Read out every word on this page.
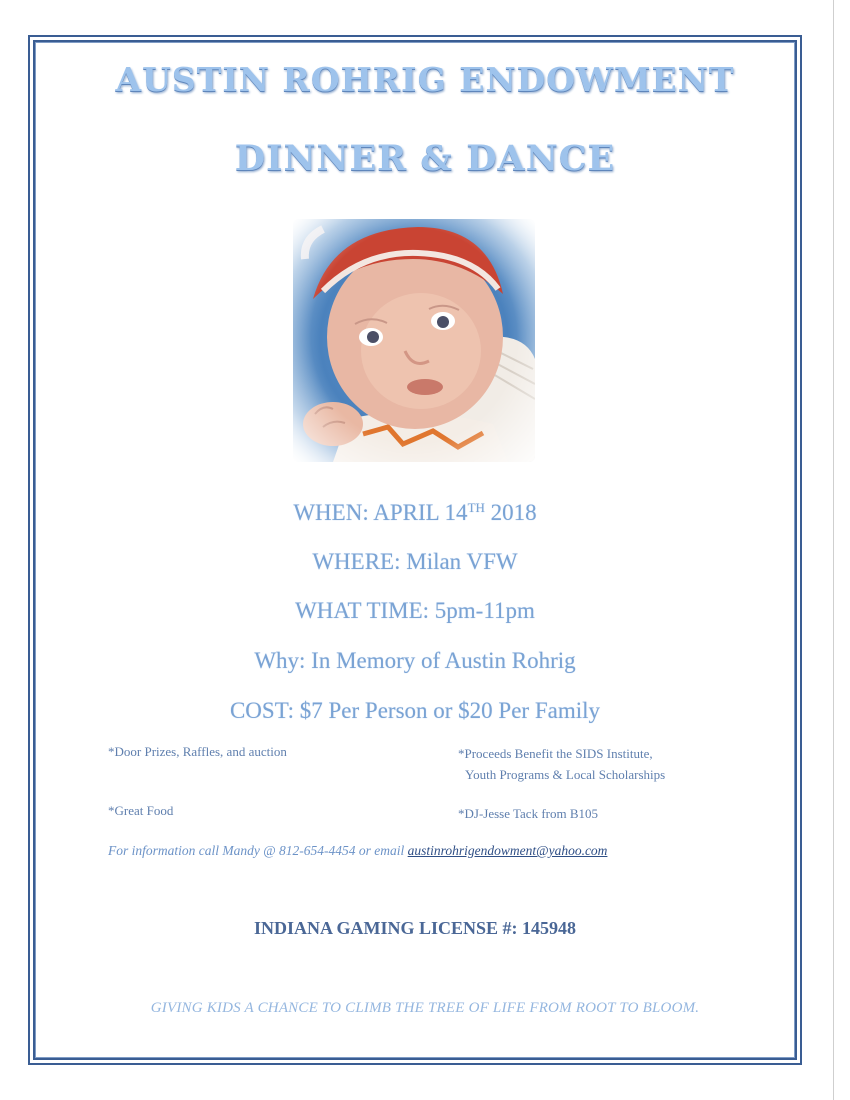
AUSTIN ROHRIG ENDOWMENT
DINNER & DANCE
WHEN: APRIL 14TH 2018
WHERE: Milan VFW
WHAT TIME: 5pm-11pm
Why: In Memory of Austin Rohrig
COST: $7 Per Person or $20 Per Family
*Door Prizes, Raffles, and auction	*Proceeds Benefit the SIDS Institute,
Youth Programs & Local Scholarships
*Great Food	*DJ-Jesse Tack from B105
For information call Mandy @ 812-654-4454 or email austinrohrigendowment@yahoo.com
INDIANA GAMING LICENSE #: 145948
GIVING KIDS A CHANCE TO CLIMB THE TREE OF LIFE FROM ROOT TO BLOOM.
